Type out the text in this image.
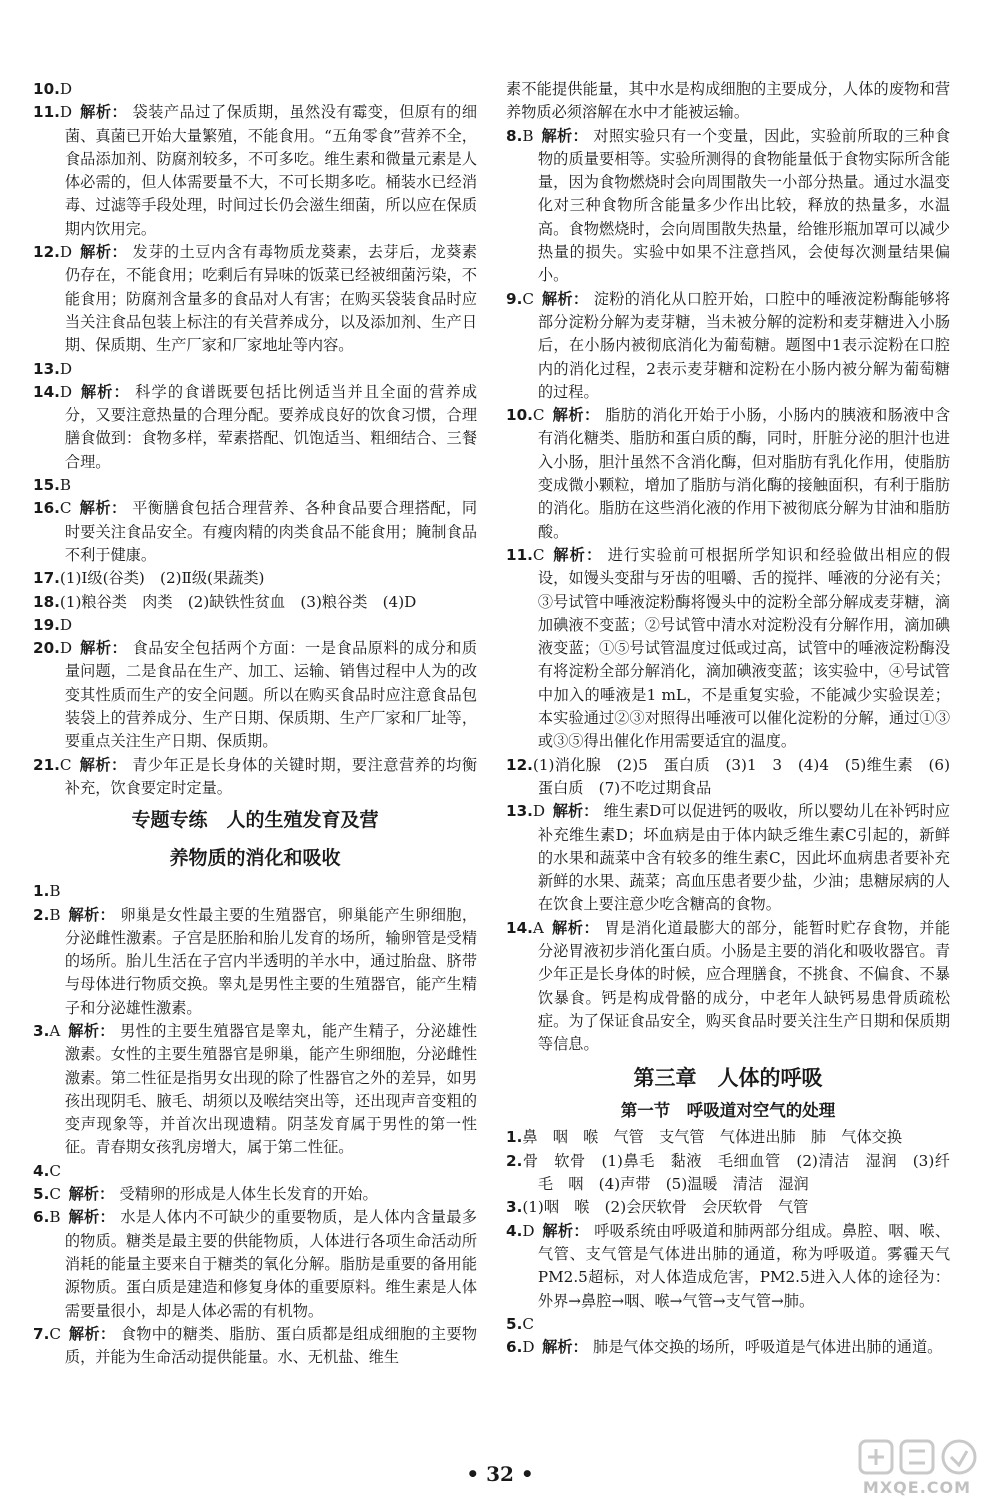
10.D

11.D 解析： 袋装产品过了保质期，虽然没有霉变，但原有的细菌、真菌已开始大量繁殖，不能食用。“五角零食”营养不全，食品添加剂、防腐剂较多，不可多吃。维生素和微量元素是人体必需的，但人体需要量不大，不可长期多吃。桶装水已经消毒、过滤等手段处理，时间过长仍会滋生细菌，所以应在保质期内饮用完。

12.D 解析： 发芽的土豆内含有毒物质龙葵素，去芽后，龙葵素仍存在，不能食用；吃剩后有异味的饭菜已经被细菌污染，不能食用；防腐剂含量多的食品对人有害；在购买袋装食品时应当关注食品包装上标注的有关营养成分，以及添加剂、生产日期、保质期、生产厂家和厂家地址等内容。

13.D

14.D 解析： 科学的食谱既要包括比例适当并且全面的营养成分，又要注意热量的合理分配。要养成良好的饮食习惯，合理膳食做到：食物多样，荤素搭配、饥饱适当、粗细结合、三餐合理。

15.B

16.C 解析： 平衡膳食包括合理营养、各种食品要合理搭配，同时要关注食品安全。有瘦肉精的肉类食品不能食用；腌制食品不利于健康。

17.(1)Ⅰ级(谷类)　(2)Ⅱ级(果蔬类)

18.(1)粮谷类　肉类　(2)缺铁性贫血　(3)粮谷类　(4)D

19.D

20.D 解析： 食品安全包括两个方面：一是食品原料的成分和质量问题，二是食品在生产、加工、运输、销售过程中人为的改变其性质而生产的安全问题。所以在购买食品时应注意食品包装袋上的营养成分、生产日期、保质期、生产厂家和厂址等，要重点关注生产日期、保质期。

21.C 解析： 青少年正是长身体的关键时期，要注意营养的均衡补充，饮食要定时定量。

专题专练　人的生殖发育及营
养物质的消化和吸收

1.B

2.B 解析： 卵巢是女性最主要的生殖器官，卵巢能产生卵细胞，分泌雌性激素。子宫是胚胎和胎儿发育的场所，输卵管是受精的场所。胎儿生活在子宫内半透明的羊水中，通过胎盘、脐带与母体进行物质交换。睾丸是男性主要的生殖器官，能产生精子和分泌雄性激素。

3.A 解析： 男性的主要生殖器官是睾丸，能产生精子，分泌雄性激素。女性的主要生殖器官是卵巢，能产生卵细胞，分泌雌性激素。第二性征是指男女出现的除了性器官之外的差异，如男孩出现阴毛、腋毛、胡须以及喉结突出等，还出现声音变粗的变声现象等，并首次出现遗精。阴茎发育属于男性的第一性征。青春期女孩乳房增大，属于第二性征。

4.C

5.C 解析： 受精卵的形成是人体生长发育的开始。

6.B 解析： 水是人体内不可缺少的重要物质，是人体内含量最多的物质。糖类是最主要的供能物质，人体进行各项生命活动所消耗的能量主要来自于糖类的氧化分解。脂肪是重要的备用能源物质。蛋白质是建造和修复身体的重要原料。维生素是人体需要量很小，却是人体必需的有机物。

7.C 解析： 食物中的糖类、脂肪、蛋白质都是组成细胞的主要物质，并能为生命活动提供能量。水、无机盐、维生

素不能提供能量，其中水是构成细胞的主要成分，人体的废物和营养物质必须溶解在水中才能被运输。

8.B 解析： 对照实验只有一个变量，因此，实验前所取的三种食物的质量要相等。实验所测得的食物能量低于食物实际所含能量，因为食物燃烧时会向周围散失一小部分热量。通过水温变化对三种食物所含能量多少作出比较，释放的热量多，水温高。食物燃烧时，会向周围散失热量，给锥形瓶加罩可以减少热量的损失。实验中如果不注意挡风，会使每次测量结果偏小。

9.C 解析： 淀粉的消化从口腔开始，口腔中的唾液淀粉酶能够将部分淀粉分解为麦芽糖，当未被分解的淀粉和麦芽糖进入小肠后，在小肠内被彻底消化为葡萄糖。题图中1表示淀粉在口腔内的消化过程，2表示麦芽糖和淀粉在小肠内被分解为葡萄糖的过程。

10.C 解析： 脂肪的消化开始于小肠，小肠内的胰液和肠液中含有消化糖类、脂肪和蛋白质的酶，同时，肝脏分泌的胆汁也进入小肠，胆汁虽然不含消化酶，但对脂肪有乳化作用，使脂肪变成微小颗粒，增加了脂肪与消化酶的接触面积，有利于脂肪的消化。脂肪在这些消化液的作用下被彻底分解为甘油和脂肪酸。

11.C 解析： 进行实验前可根据所学知识和经验做出相应的假设，如馒头变甜与牙齿的咀嚼、舌的搅拌、唾液的分泌有关；③号试管中唾液淀粉酶将馒头中的淀粉全部分解成麦芽糖，滴加碘液不变蓝；②号试管中清水对淀粉没有分解作用，滴加碘液变蓝；①⑤号试管温度过低或过高，试管中的唾液淀粉酶没有将淀粉全部分解消化，滴加碘液变蓝；该实验中，④号试管中加入的唾液是1 mL，不是重复实验，不能减少实验误差；本实验通过②③对照得出唾液可以催化淀粉的分解，通过①③或③⑤得出催化作用需要适宜的温度。

12.(1)消化腺　(2)5　蛋白质　(3)1　3　(4)4　(5)维生素　(6)蛋白质　(7)不吃过期食品

13.D 解析： 维生素D可以促进钙的吸收，所以婴幼儿在补钙时应补充维生素D；坏血病是由于体内缺乏维生素C引起的，新鲜的水果和蔬菜中含有较多的维生素C，因此坏血病患者要补充新鲜的水果、蔬菜；高血压患者要少盐，少油；患糖尿病的人在饮食上要注意少吃含糖高的食物。

14.A 解析： 胃是消化道最膨大的部分，能暂时贮存食物，并能分泌胃液初步消化蛋白质。小肠是主要的消化和吸收器官。青少年正是长身体的时候，应合理膳食，不挑食、不偏食、不暴饮暴食。钙是构成骨骼的成分，中老年人缺钙易患骨质疏松症。为了保证食品安全，购买食品时要关注生产日期和保质期等信息。

第三章　人体的呼吸
第一节　呼吸道对空气的处理

1.鼻　咽　喉　气管　支气管　气体进出肺　肺　气体交换

2.骨　软骨　(1)鼻毛　黏液　毛细血管　(2)清洁　湿润　(3)纤毛　咽　(4)声带　(5)温暖　清洁　湿润

3.(1)咽　喉　(2)会厌软骨　会厌软骨　气管

4.D 解析： 呼吸系统由呼吸道和肺两部分组成。鼻腔、咽、喉、气管、支气管是气体进出肺的通道，称为呼吸道。雾霾天气PM2.5超标，对人体造成危害，PM2.5进入人体的途径为：外界→鼻腔→咽、喉→气管→支气管→肺。

5.C

6.D 解析： 肺是气体交换的场所，呼吸道是气体进出肺的通道。

• 32 •
MXQE.COM
